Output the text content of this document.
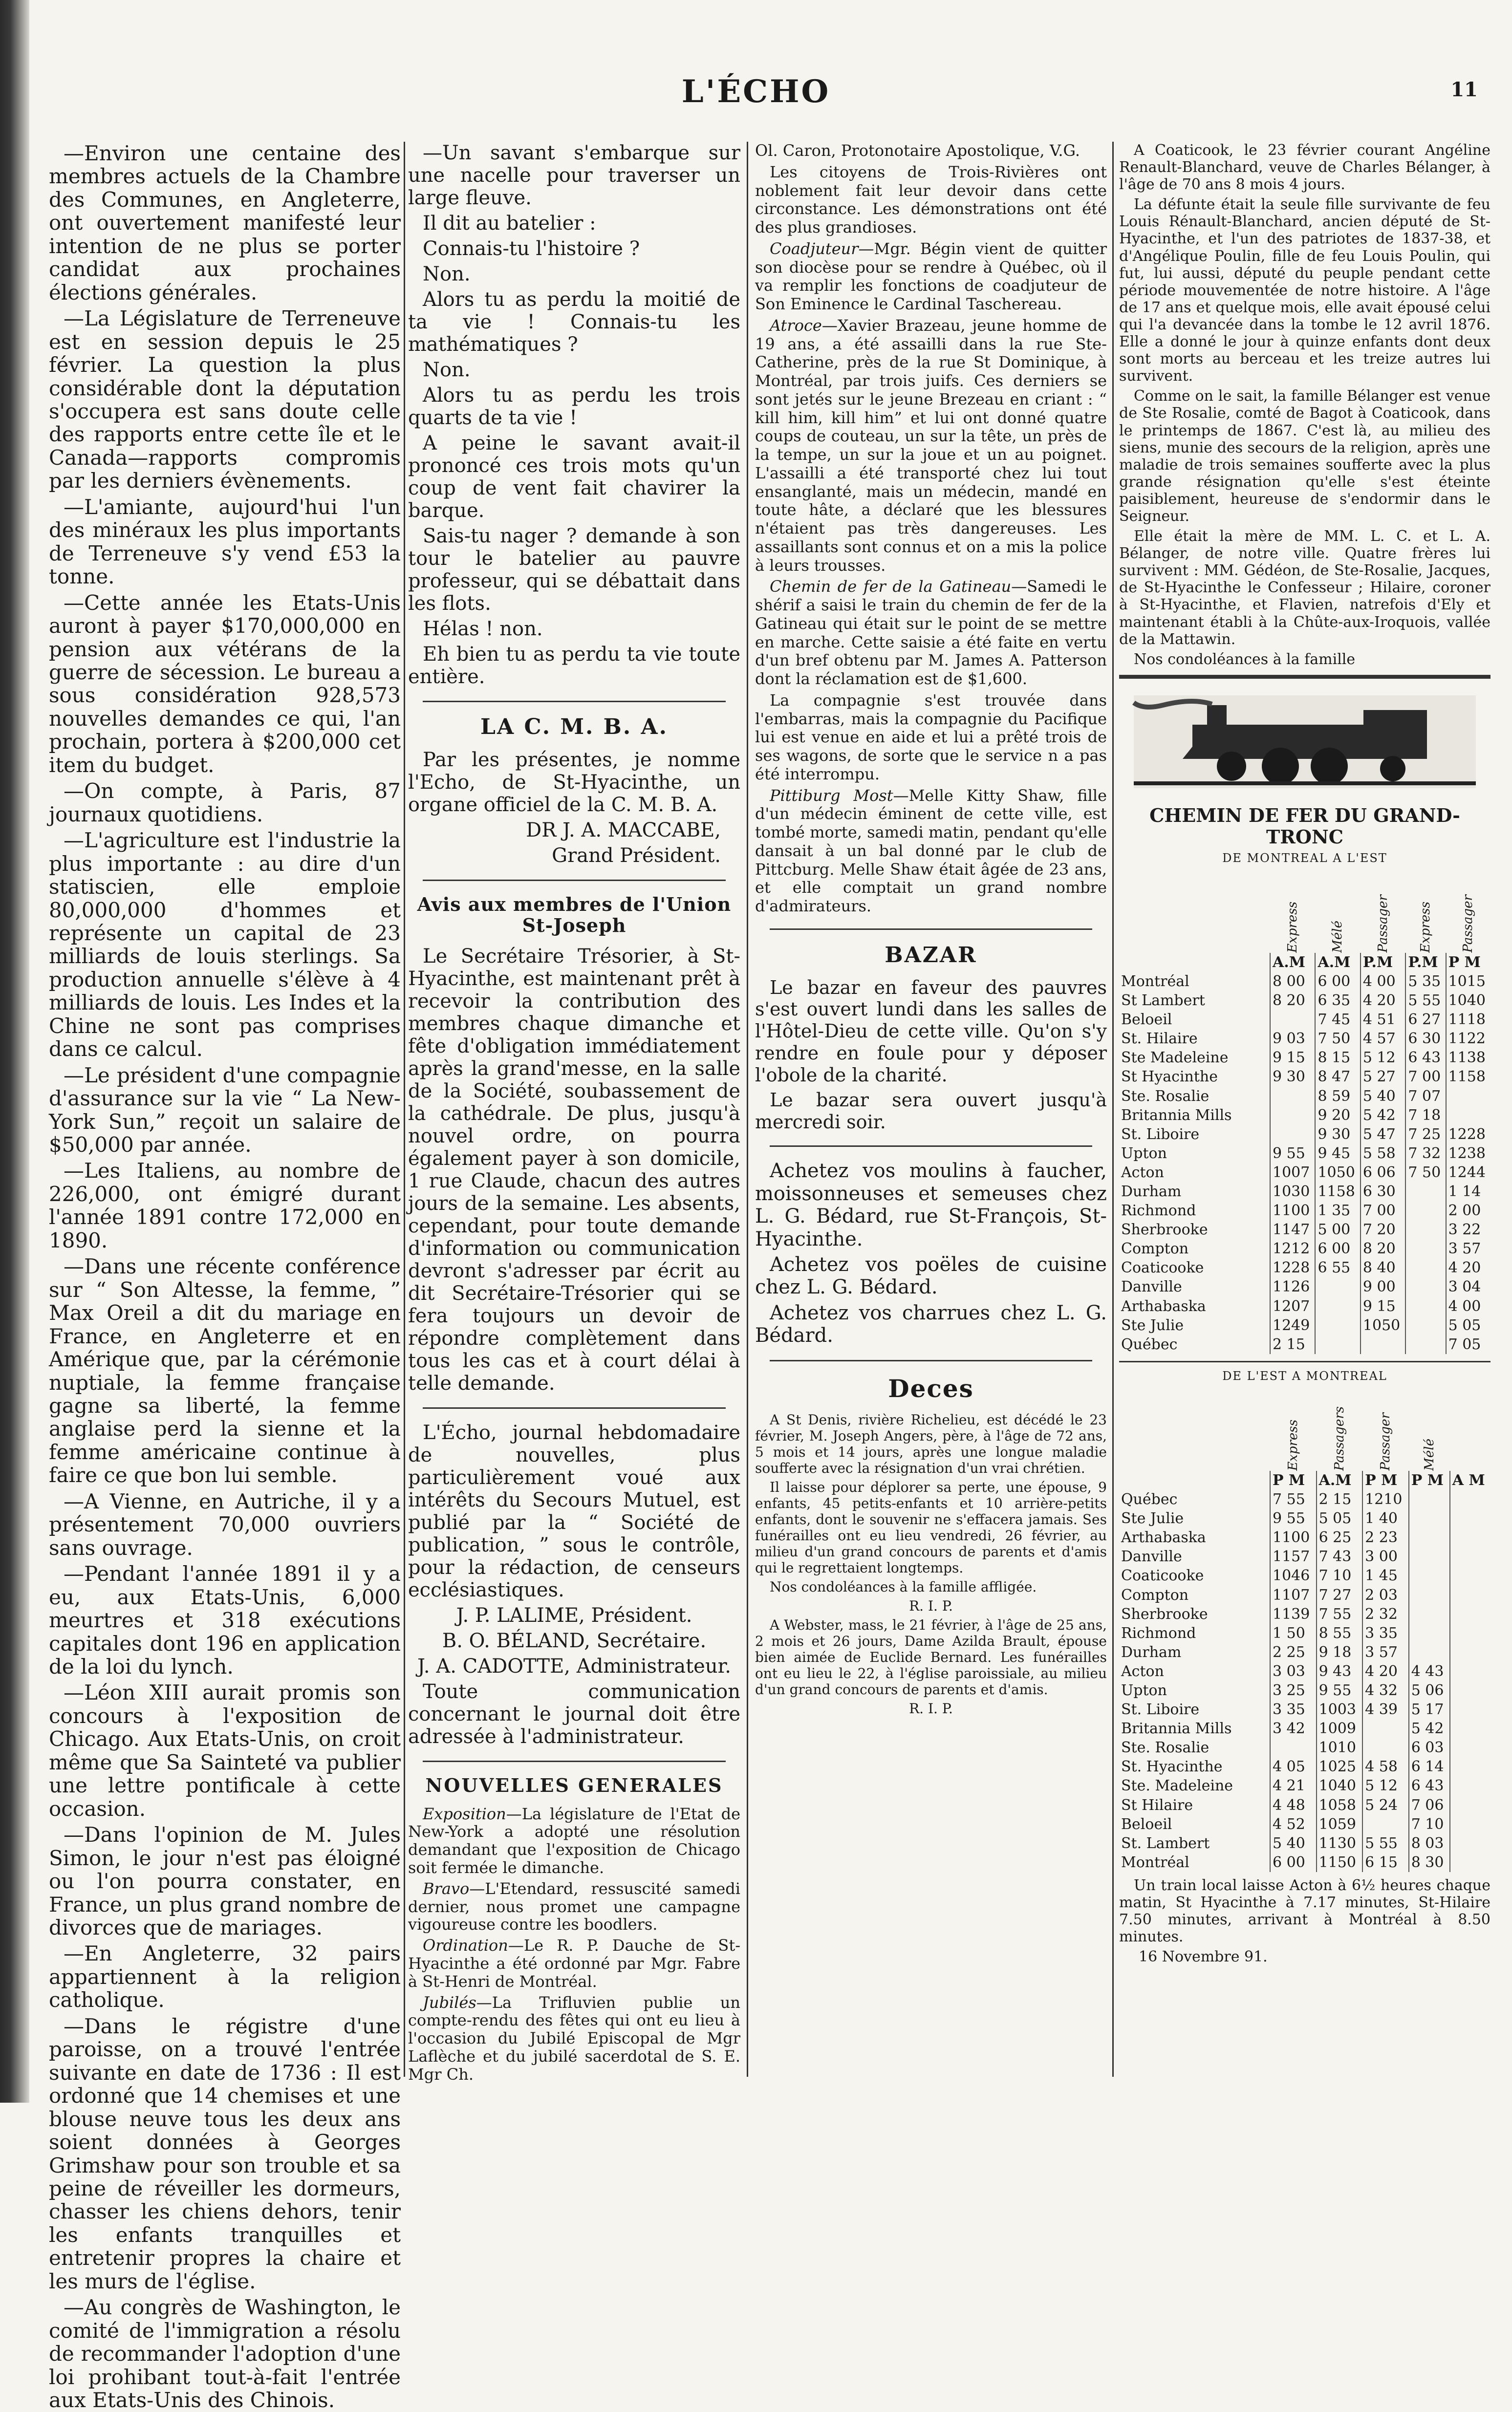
L'ÉCHO	11

—Environ une centaine des membres actuels de la Chambre des Communes, en Angleterre, ont ouvertement manifesté leur intention de ne plus se porter candidat aux prochaines élections générales.

—La Législature de Terreneuve est en session depuis le 25 février. La question la plus considérable dont la députation s'occupera est sans doute celle des rapports entre cette île et le Canada—rapports compromis par les derniers évènements.

—L'amiante, aujourd'hui l'un des minéraux les plus importants de Terreneuve s'y vend £53 la tonne.

—Cette année les Etats-Unis auront à payer $170,000,000 en pension aux vétérans de la guerre de sécession. Le bureau a sous considération 928,573 nouvelles demandes ce qui, l'an prochain, portera à $200,000 cet item du budget.

—On compte, à Paris, 87 journaux quotidiens.

—L'agriculture est l'industrie la plus importante : au dire d'un statiscien, elle emploie 80,000,000 d'hommes et représente un capital de 23 milliards de louis sterlings. Sa production annuelle s'élève à 4 milliards de louis. Les Indes et la Chine ne sont pas comprises dans ce calcul.

—Le président d'une compagnie d'assurance sur la vie “ La New-York Sun,” reçoit un salaire de $50,000 par année.

—Les Italiens, au nombre de 226,000, ont émigré durant l'année 1891 contre 172,000 en 1890.

—Dans une récente conférence sur “ Son Altesse, la femme, ” Max Oreil a dit du mariage en France, en Angleterre et en Amérique que, par la cérémonie nuptiale, la femme française gagne sa liberté, la femme anglaise perd la sienne et la femme américaine continue à faire ce que bon lui semble.

—A Vienne, en Autriche, il y a présentement 70,000 ouvriers sans ouvrage.

—Pendant l'année 1891 il y a eu, aux Etats-Unis, 6,000 meurtres et 318 exécutions capitales dont 196 en application de la loi du lynch.

—Léon XIII aurait promis son concours à l'exposition de Chicago. Aux Etats-Unis, on croit même que Sa Sainteté va publier une lettre pontificale à cette occasion.

—Dans l'opinion de M. Jules Simon, le jour n'est pas éloigné ou l'on pourra constater, en France, un plus grand nombre de divorces que de mariages.

—En Angleterre, 32 pairs appartiennent à la religion catholique.

—Dans le régistre d'une paroisse, on a trouvé l'entrée suivante en date de 1736 : Il est ordonné que 14 chemises et une blouse neuve tous les deux ans soient données à Georges Grimshaw pour son trouble et sa peine de réveiller les dormeurs, chasser les chiens dehors, tenir les enfants tranquilles et entretenir propres la chaire et les murs de l'église.

—Au congrès de Washington, le comité de l'immigration a résolu de recommander l'adoption d'une loi prohibant tout-à-fait l'entrée aux Etats-Unis des Chinois.

—Un savant s'embarque sur une nacelle pour traverser un large fleuve.

Il dit au batelier :

Connais-tu l'histoire ?

Non.

Alors tu as perdu la moitié de ta vie ! Connais-tu les mathématiques ?

Non.

Alors tu as perdu les trois quarts de ta vie !

A peine le savant avait-il prononcé ces trois mots qu'un coup de vent fait chavirer la barque.

Sais-tu nager ? demande à son tour le batelier au pauvre professeur, qui se débattait dans les flots.

Hélas ! non.

Eh bien tu as perdu ta vie toute entière.

LA C. M. B. A.

Par les présentes, je nomme l'Echo, de St-Hyacinthe, un organe officiel de la C. M. B. A.

DR J. A. MACCABE,
Grand Président.
Avis aux membres de l'Union St-Joseph

Le Secrétaire Trésorier, à St-Hyacinthe, est maintenant prêt à recevoir la contribution des membres chaque dimanche et fête d'obligation immédiatement après la grand'messe, en la salle de la Société, soubassement de la cathédrale. De plus, jusqu'à nouvel ordre, on pourra également payer à son domicile, 1 rue Claude, chacun des autres jours de la semaine. Les absents, cependant, pour toute demande d'information ou communication devront s'adresser par écrit au dit Secrétaire-Trésorier qui se fera toujours un devoir de répondre complètement dans tous les cas et à court délai à telle demande.

L'Écho, journal hebdomadaire de nouvelles, plus particulièrement voué aux intérêts du Secours Mutuel, est publié par la “ Société de publication, ” sous le contrôle, pour la rédaction, de censeurs ecclésiastiques.

J. P. LALIME, Président.
B. O. BÉLAND, Secrétaire.
J. A. CADOTTE, Administrateur.

Toute communication concernant le journal doit être adressée à l'administrateur.

NOUVELLES GENERALES

Exposition—La législature de l'Etat de New-York a adopté une résolution demandant que l'exposition de Chicago soit fermée le dimanche.

Bravo—L'Etendard, ressuscité samedi dernier, nous promet une campagne vigoureuse contre les boodlers.

Ordination—Le R. P. Dauche de St-Hyacinthe a été ordonné par Mgr. Fabre à St-Henri de Montréal.

Jubilés—La Trifluvien publie un compte-rendu des fêtes qui ont eu lieu à l'occasion du Jubilé Episcopal de Mgr Laflèche et du jubilé sacerdotal de S. E. Mgr Ch.

Ol. Caron, Protonotaire Apostolique, V.G.

Les citoyens de Trois-Rivières ont noblement fait leur devoir dans cette circonstance. Les démonstrations ont été des plus grandioses.

Coadjuteur—Mgr. Bégin vient de quitter son diocèse pour se rendre à Québec, où il va remplir les fonctions de coadjuteur de Son Eminence le Cardinal Taschereau.

Atroce—Xavier Brazeau, jeune homme de 19 ans, a été assailli dans la rue Ste-Catherine, près de la rue St Dominique, à Montréal, par trois juifs. Ces derniers se sont jetés sur le jeune Brezeau en criant : “ kill him, kill him” et lui ont donné quatre coups de couteau, un sur la tête, un près de la tempe, un sur la joue et un au poignet. L'assailli a été transporté chez lui tout ensanglanté, mais un médecin, mandé en toute hâte, a déclaré que les blessures n'étaient pas très dangereuses. Les assaillants sont connus et on a mis la police à leurs trousses.

Chemin de fer de la Gatineau—Samedi le shérif a saisi le train du chemin de fer de la Gatineau qui était sur le point de se mettre en marche. Cette saisie a été faite en vertu d'un bref obtenu par M. James A. Patterson dont la réclamation est de $1,600.

La compagnie s'est trouvée dans l'embarras, mais la compagnie du Pacifique lui est venue en aide et lui a prêté trois de ses wagons, de sorte que le service n a pas été interrompu.

Pittiburg Most—Melle Kitty Shaw, fille d'un médecin éminent de cette ville, est tombé morte, samedi matin, pendant qu'elle dansait à un bal donné par le club de Pittcburg. Melle Shaw était âgée de 23 ans, et elle comptait un grand nombre d'admirateurs.

BAZAR

Le bazar en faveur des pauvres s'est ouvert lundi dans les salles de l'Hôtel-Dieu de cette ville. Qu'on s'y rendre en foule pour y déposer l'obole de la charité.

Le bazar sera ouvert jusqu'à mercredi soir.

Achetez vos moulins à faucher, moissonneuses et semeuses chez L. G. Bédard, rue St-François, St-Hyacinthe.

Achetez vos poëles de cuisine chez L. G. Bédard.

Achetez vos charrues chez L. G. Bédard.

Deces

A St Denis, rivière Richelieu, est décédé le 23 février, M. Joseph Angers, père, à l'âge de 72 ans, 5 mois et 14 jours, après une longue maladie soufferte avec la résignation d'un vrai chrétien.

Il laisse pour déplorer sa perte, une épouse, 9 enfants, 45 petits-enfants et 10 arrière-petits enfants, dont le souvenir ne s'effacera jamais. Ses funérailles ont eu lieu vendredi, 26 février, au milieu d'un grand concours de parents et d'amis qui le regrettaient longtemps.

Nos condoléances à la famille affligée.

R. I. P.

A Webster, mass, le 21 février, à l'âge de 25 ans, 2 mois et 26 jours, Dame Azilda Brault, épouse bien aimée de Euclide Bernard. Les funérailles ont eu lieu le 22, à l'église paroissiale, au milieu d'un grand concours de parents et d'amis.

R. I. P.

A Coaticook, le 23 février courant Angéline Renault-Blanchard, veuve de Charles Bélanger, à l'âge de 70 ans 8 mois 4 jours.

La défunte était la seule fille survivante de feu Louis Rénault-Blanchard, ancien député de St-Hyacinthe, et l'un des patriotes de 1837-38, et d'Angélique Poulin, fille de feu Louis Poulin, qui fut, lui aussi, député du peuple pendant cette période mouvementée de notre histoire. A l'âge de 17 ans et quelque mois, elle avait épousé celui qui l'a devancée dans la tombe le 12 avril 1876. Elle a donné le jour à quinze enfants dont deux sont morts au berceau et les treize autres lui survivent.

Comme on le sait, la famille Bélanger est venue de Ste Rosalie, comté de Bagot à Coaticook, dans le printemps de 1867. C'est là, au milieu des siens, munie des secours de la religion, après une maladie de trois semaines soufferte avec la plus grande résignation qu'elle s'est éteinte paisiblement, heureuse de s'endormir dans le Seigneur.

Elle était la mère de MM. L. C. et L. A. Bélanger, de notre ville. Quatre frères lui survivent : MM. Gédéon, de Ste-Rosalie, Jacques, de St-Hyacinthe le Confesseur ; Hilaire, coroner à St-Hyacinthe, et Flavien, natrefois d'Ely et maintenant établi à la Chûte-aux-Iroquois, vallée de la Mattawin.

Nos condoléances à la famille

CHEMIN DE FER DU GRAND-TRONC
DE MONTREAL A L'EST

	Express	Mélé	Passager	Express	Passager

	A.M	A.M	P.M	P.M	P M
Montréal	8 00	6 00	4 00	5 35	1015
St Lambert	8 20	6 35	4 20	5 55	1040
Beloeil		7 45	4 51	6 27	1118
St. Hilaire	9 03	7 50	4 57	6 30	1122
Ste Madeleine	9 15	8 15	5 12	6 43	1138
St Hyacinthe	9 30	8 47	5 27	7 00	1158
Ste. Rosalie		8 59	5 40	7 07	
Britannia Mills		9 20	5 42	7 18	
St. Liboire		9 30	5 47	7 25	1228
Upton	9 55	9 45	5 58	7 32	1238
Acton	1007	1050	6 06	7 50	1244
Durham	1030	1158	6 30		1 14
Richmond	1100	1 35	7 00		2 00
Sherbrooke	1147	5 00	7 20		3 22
Compton	1212	6 00	8 20		3 57
Coaticooke	1228	6 55	8 40		4 20
Danville	1126		9 00		3 04
Arthabaska	1207		9 15		4 00
Ste Julie	1249		1050		5 05
Québec	2 15				7 05
DE L'EST A MONTREAL

	Express	Passagers	Passager	Mélé	

	P M	A.M	P M	P M	A M
Québec	7 55	2 15	1210		
Ste Julie	9 55	5 05	1 40		
Arthabaska	1100	6 25	2 23		
Danville	1157	7 43	3 00		
Coaticooke	1046	7 10	1 45		
Compton	1107	7 27	2 03		
Sherbrooke	1139	7 55	2 32		
Richmond	1 50	8 55	3 35		
Durham	2 25	9 18	3 57		
Acton	3 03	9 43	4 20	4 43	
Upton	3 25	9 55	4 32	5 06	
St. Liboire	3 35	1003	4 39	5 17	
Britannia Mills	3 42	1009		5 42	
Ste. Rosalie		1010		6 03	
St. Hyacinthe	4 05	1025	4 58	6 14	
Ste. Madeleine	4 21	1040	5 12	6 43	
St Hilaire	4 48	1058	5 24	7 06	
Beloeil	4 52	1059		7 10	
St. Lambert	5 40	1130	5 55	8 03	
Montréal	6 00	1150	6 15	8 30	

Un train local laisse Acton à 6½ heures chaque matin, St Hyacinthe à 7.17 minutes, St-Hilaire 7.50 minutes, arrivant à Montréal à 8.50 minutes.

16 Novembre 91.
